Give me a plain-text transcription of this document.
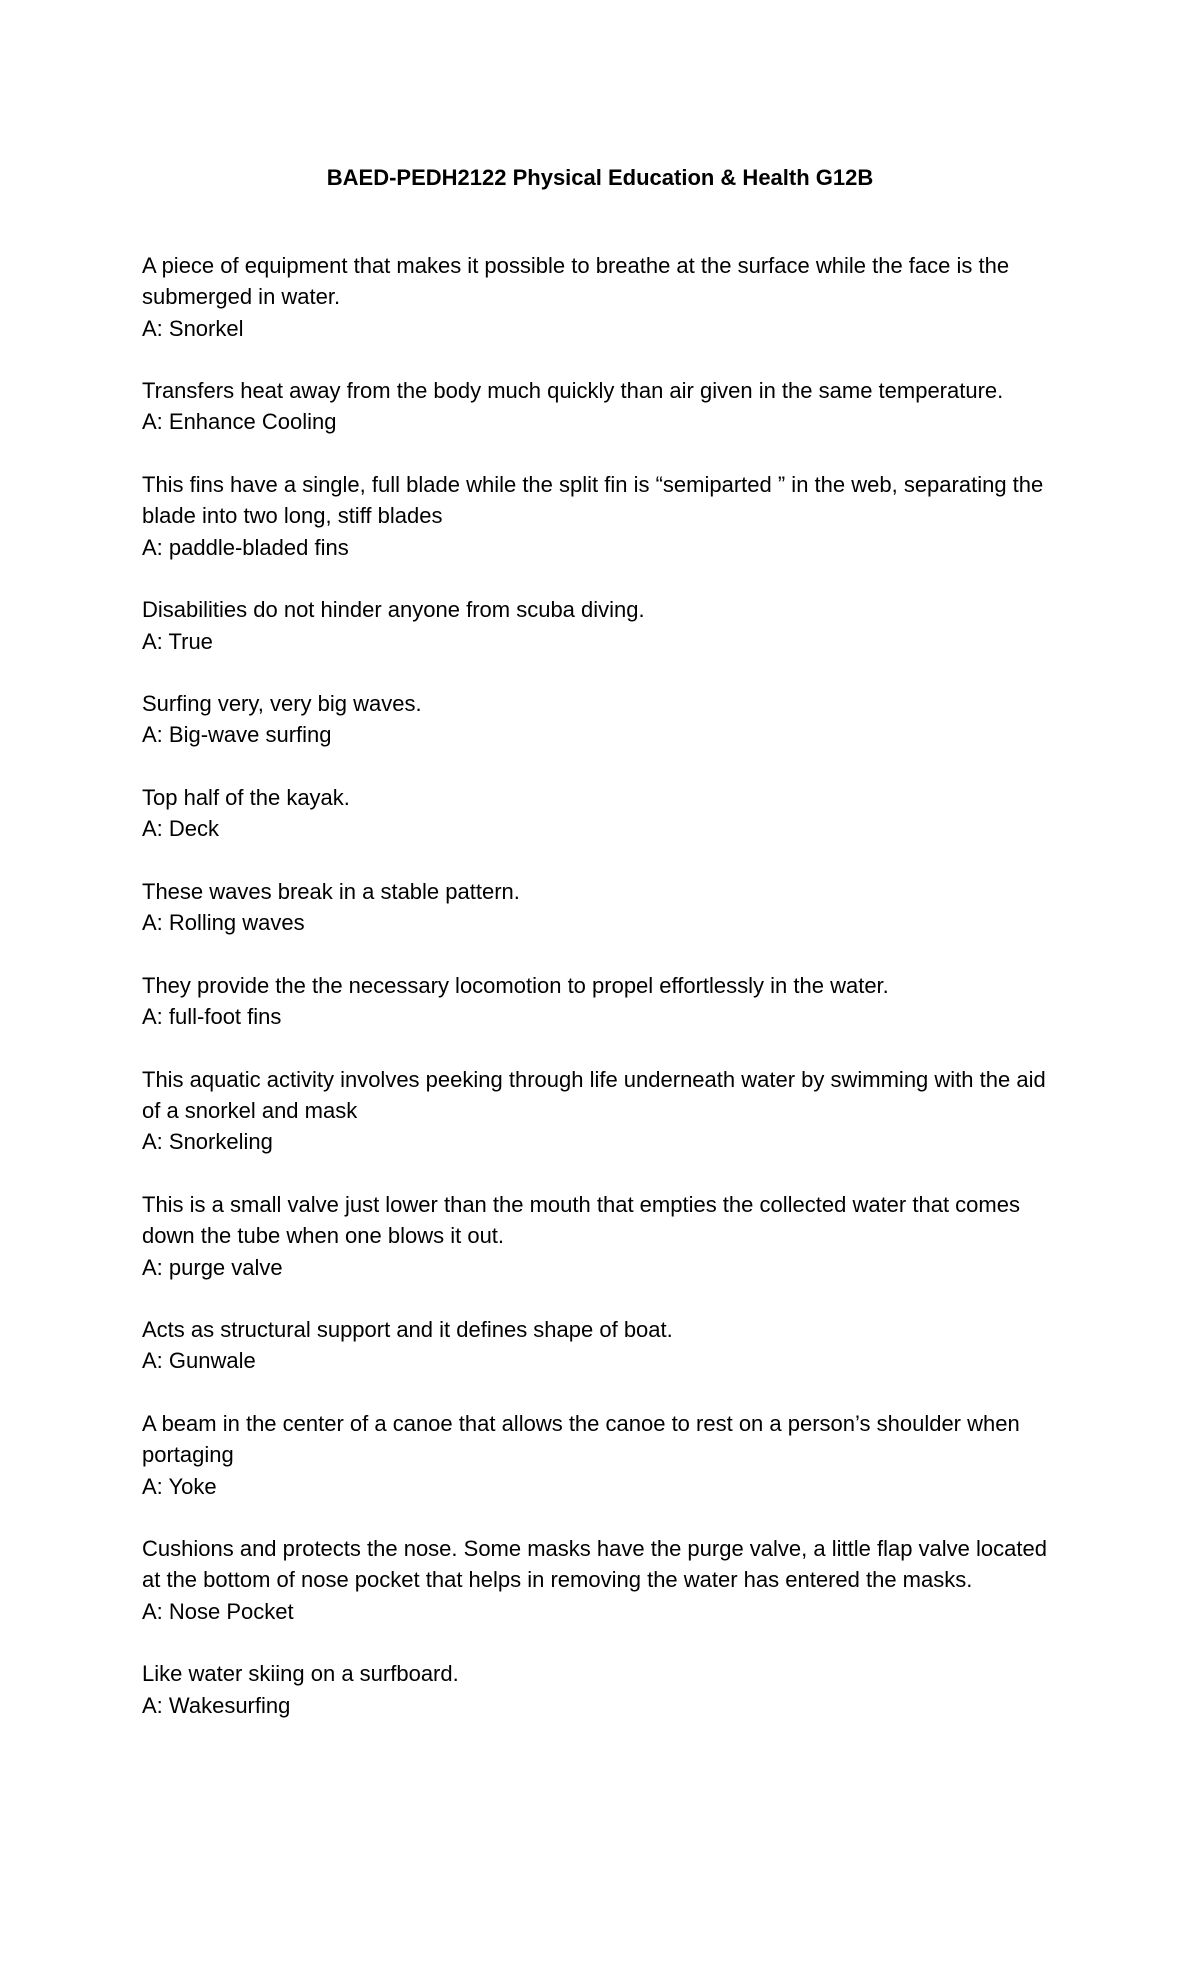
BAED-PEDH2122 Physical Education & Health G12B

A piece of equipment that makes it possible to breathe at the surface while the face is the submerged in water.

A: Snorkel

Transfers heat away from the body much quickly than air given in the same temperature.

A: Enhance Cooling

This fins have a single, full blade while the split fin is “semiparted ” in the web, separating the blade into two long, stiff blades

A: paddle-bladed fins

Disabilities do not hinder anyone from scuba diving.

A: True

Surfing very, very big waves.

A: Big-wave surfing

Top half of the kayak.

A: Deck

These waves break in a stable pattern.

A: Rolling waves

They provide the the necessary locomotion to propel effortlessly in the water.

A: full-foot fins

This aquatic activity involves peeking through life underneath water by swimming with the aid of a snorkel and mask

A: Snorkeling

This is a small valve just lower than the mouth that empties the collected water that comes down the tube when one blows it out.

A: purge valve

Acts as structural support and it defines shape of boat.

A: Gunwale

A beam in the center of a canoe that allows the canoe to rest on a person’s shoulder when portaging

A: Yoke

Cushions and protects the nose. Some masks have the purge valve, a little flap valve located at the bottom of nose pocket that helps in removing the water has entered the masks.

A: Nose Pocket

Like water skiing on a surfboard.

A: Wakesurfing
